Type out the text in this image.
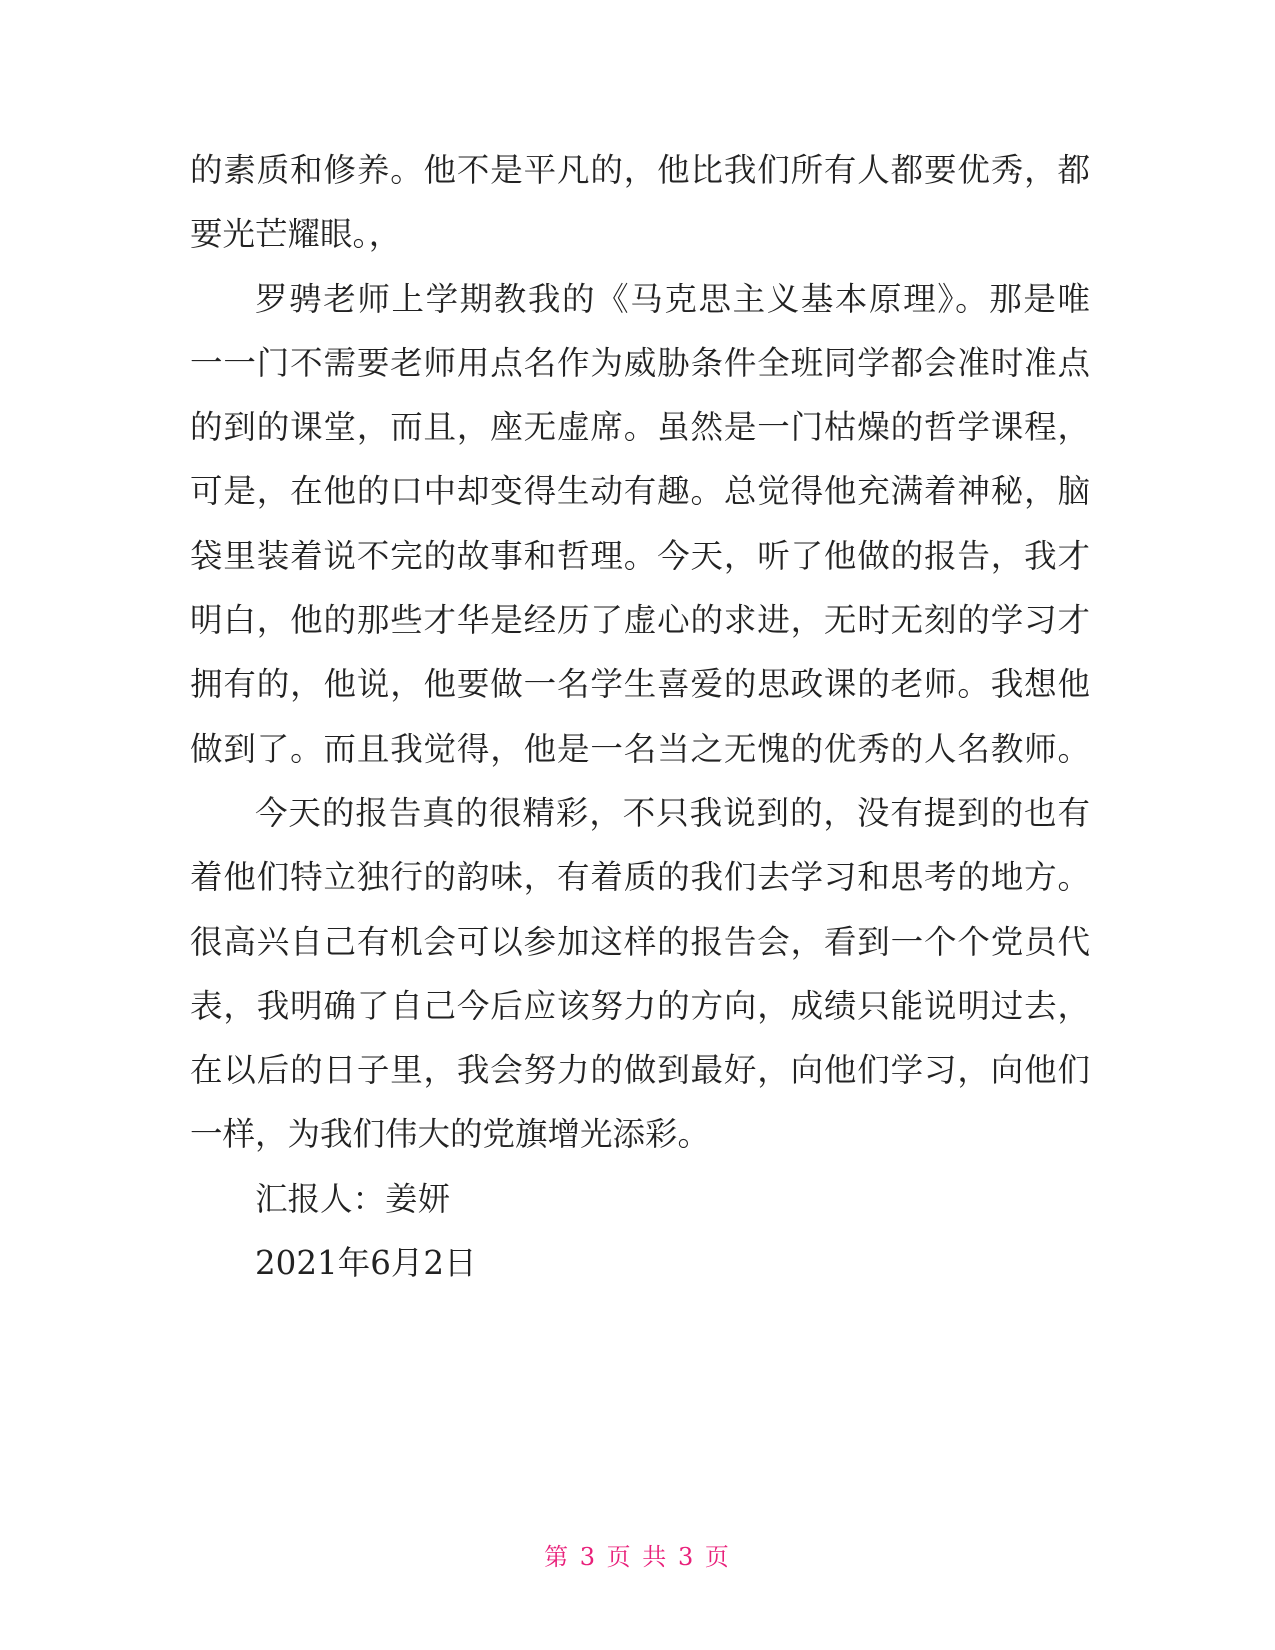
的素质和修养。他不是平凡的，他比我们所有人都要优秀，都
要光芒耀眼。，
罗骋老师上学期教我的《马克思主义基本原理》。那是唯
一一门不需要老师用点名作为威胁条件全班同学都会准时准点
的到的课堂，而且，座无虚席。虽然是一门枯燥的哲学课程，
可是，在他的口中却变得生动有趣。总觉得他充满着神秘，脑
袋里装着说不完的故事和哲理。今天，听了他做的报告，我才
明白，他的那些才华是经历了虚心的求进，无时无刻的学习才
拥有的，他说，他要做一名学生喜爱的思政课的老师。我想他
做到了。而且我觉得，他是一名当之无愧的优秀的人名教师。
今天的报告真的很精彩，不只我说到的，没有提到的也有
着他们特立独行的韵味，有着质的我们去学习和思考的地方。
很高兴自己有机会可以参加这样的报告会，看到一个个党员代
表，我明确了自己今后应该努力的方向，成绩只能说明过去，
在以后的日子里，我会努力的做到最好，向他们学习，向他们
一样，为我们伟大的党旗增光添彩。
汇报人：姜妍
2021年6月2日
第 3 页 共 3 页
